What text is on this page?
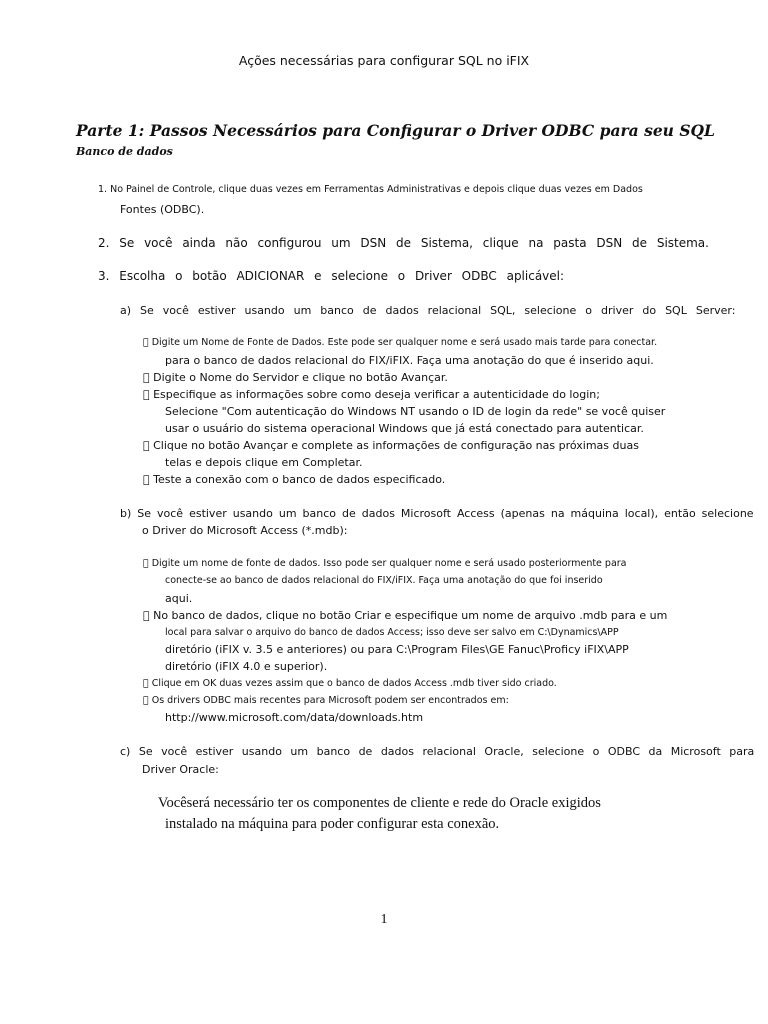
Ações necessárias para configurar SQL no iFIX
Parte 1: Passos Necessários para Configurar o Driver ODBC para seu SQL
Banco de dados
1. No Painel de Controle, clique duas vezes em Ferramentas Administrativas e depois clique duas vezes em Dados
Fontes (ODBC).
2. Se você ainda não configurou um DSN de Sistema, clique na pasta DSN de Sistema.
3. Escolha o botão ADICIONAR e selecione o Driver ODBC aplicável:
a) Se você estiver usando um banco de dados relacional SQL, selecione o driver do SQL Server:
Digite um Nome de Fonte de Dados. Este pode ser qualquer nome e será usado mais tarde para conectar.
para o banco de dados relacional do FIX/iFIX. Faça uma anotação do que é inserido aqui.
Digite o Nome do Servidor e clique no botão Avançar.
Especifique as informações sobre como deseja verificar a autenticidade do login;
Selecione "Com autenticação do Windows NT usando o ID de login da rede" se você quiser
usar o usuário do sistema operacional Windows que já está conectado para autenticar.
Clique no botão Avançar e complete as informações de configuração nas próximas duas
telas e depois clique em Completar.
Teste a conexão com o banco de dados especificado.
b) Se você estiver usando um banco de dados Microsoft Access (apenas na máquina local), então selecione
o Driver do Microsoft Access (*.mdb):
Digite um nome de fonte de dados. Isso pode ser qualquer nome e será usado posteriormente para
conecte-se ao banco de dados relacional do FIX/iFIX. Faça uma anotação do que foi inserido
aqui.
No banco de dados, clique no botão Criar e especifique um nome de arquivo .mdb para e um
local para salvar o arquivo do banco de dados Access; isso deve ser salvo em C:\Dynamics\APP
diretório (iFIX v. 3.5 e anteriores) ou para C:\Program Files\GE Fanuc\Proficy iFIX\APP
diretório (iFIX 4.0 e superior).
Clique em OK duas vezes assim que o banco de dados Access .mdb tiver sido criado.
Os drivers ODBC mais recentes para Microsoft podem ser encontrados em:
http://www.microsoft.com/data/downloads.htm
c) Se você estiver usando um banco de dados relacional Oracle, selecione o ODBC da Microsoft para
Driver Oracle:
Vocêserá necessário ter os componentes de cliente e rede do Oracle exigidos
instalado na máquina para poder configurar esta conexão.
1
